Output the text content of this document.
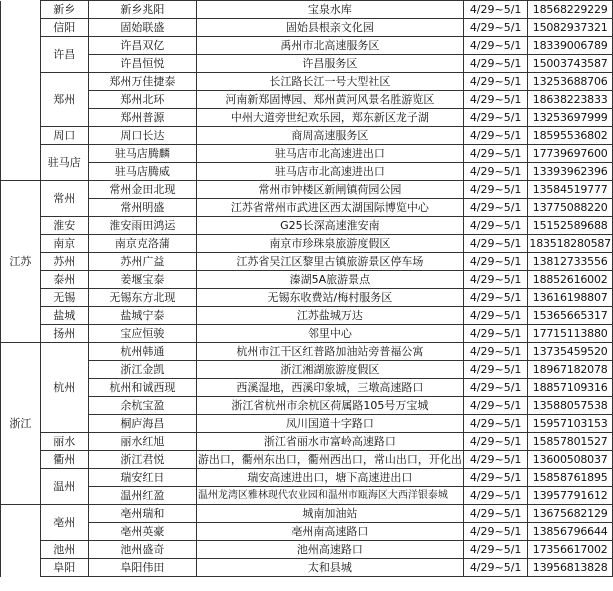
	新乡	新乡兆阳	宝泉水库	4/29~5/1	18568229229
	信阳	固始联盛	固始县根亲文化园	4/29~5/1	15082937321
	许昌	许昌双亿	禹州市北高速服务区	4/29~5/1	18339006789
		许昌恒悦	许昌服务区	4/29~5/1	15003743587
	郑州	郑州万佳捷泰	长江路长江一号大型社区	4/29~5/1	13253688706
		郑州北环	河南新郑固博园、郑州黄河风景名胜游览区	4/29~5/1	18638223833
		郑州普源	中州大道旁世纪欢乐园，郑东新区龙子湖	4/29~5/1	13253697999
	周口	周口长达	商周高速服务区	4/29~5/1	18595536802
	驻马店	驻马店腾麟	驻马店市北高速进出口	4/29~5/1	17739697600
		驻马店腾威	驻马店市北高速进出口	4/29~5/1	13393962396
江苏	常州	常州金田北现	常州市钟楼区新闸镇荷园公园	4/29~5/1	13584519777
		常州明盛	江苏省常州市武进区西太湖国际博览中心	4/29~5/1	13775088220
	淮安	淮安雨田鸿运	G25长深高速淮安南	4/29~5/1	15152589688
	南京	南京克洛蒲	南京市珍珠泉旅游度假区	4/29~5/1	183518280587
	苏州	苏州广益	江苏省吴江区黎里古镇旅游景区停车场	4/29~5/1	13812733556
	泰州	姜堰宝泰	溱湖5A旅游景点	4/29~5/1	18852616002
	无锡	无锡东方北现	无锡东收费站/梅村服务区	4/29~5/1	13616198807
	盐城	盐城宁泰	江苏盐城万达	4/29~5/1	15365665317
	扬州	宝应恒骏	邻里中心	4/29~5/1	17715113880
浙江	杭州	杭州韩通	杭州市江干区红普路加油站旁普福公寓	4/29~5/1	13735459520
		浙江金凯	浙江湘湖旅游度假区	4/29~5/1	18967182078
		杭州和诚西现	西溪湿地，西溪印象城，三墩高速路口	4/29~5/1	18857109316
		余杭宝盈	浙江省杭州市余杭区荷属路105号万宝城	4/29~5/1	13588057538
		桐庐海昌	凤川国道十字路口	4/29~5/1	15957103153
	丽水	丽水红旭	浙江省丽水市富岭高速路口	4/29~5/1	15857801527
	衢州	浙江君悦	游出口，衢州东出口，衢州西出口，常山出口，开化出	4/29~5/1	13600508037
	温州	瑞安红日	瑞安高速进出口，塘下高速进出口	4/29~5/1	15858761895
		温州红盈	温州龙湾区雅林现代农业园和温州市瓯海区大西洋银泰城	4/29~5/1	13957791612
	亳州	亳州瑞和	城南加油站	4/29~5/1	13675682129
		亳州英豪	亳州南高速路口	4/29~5/1	13856796644
	池州	池州盛奇	池州高速路口	4/29~5/1	17356617002
	阜阳	阜阳伟田	太和县城	4/29~5/1	13956813828
